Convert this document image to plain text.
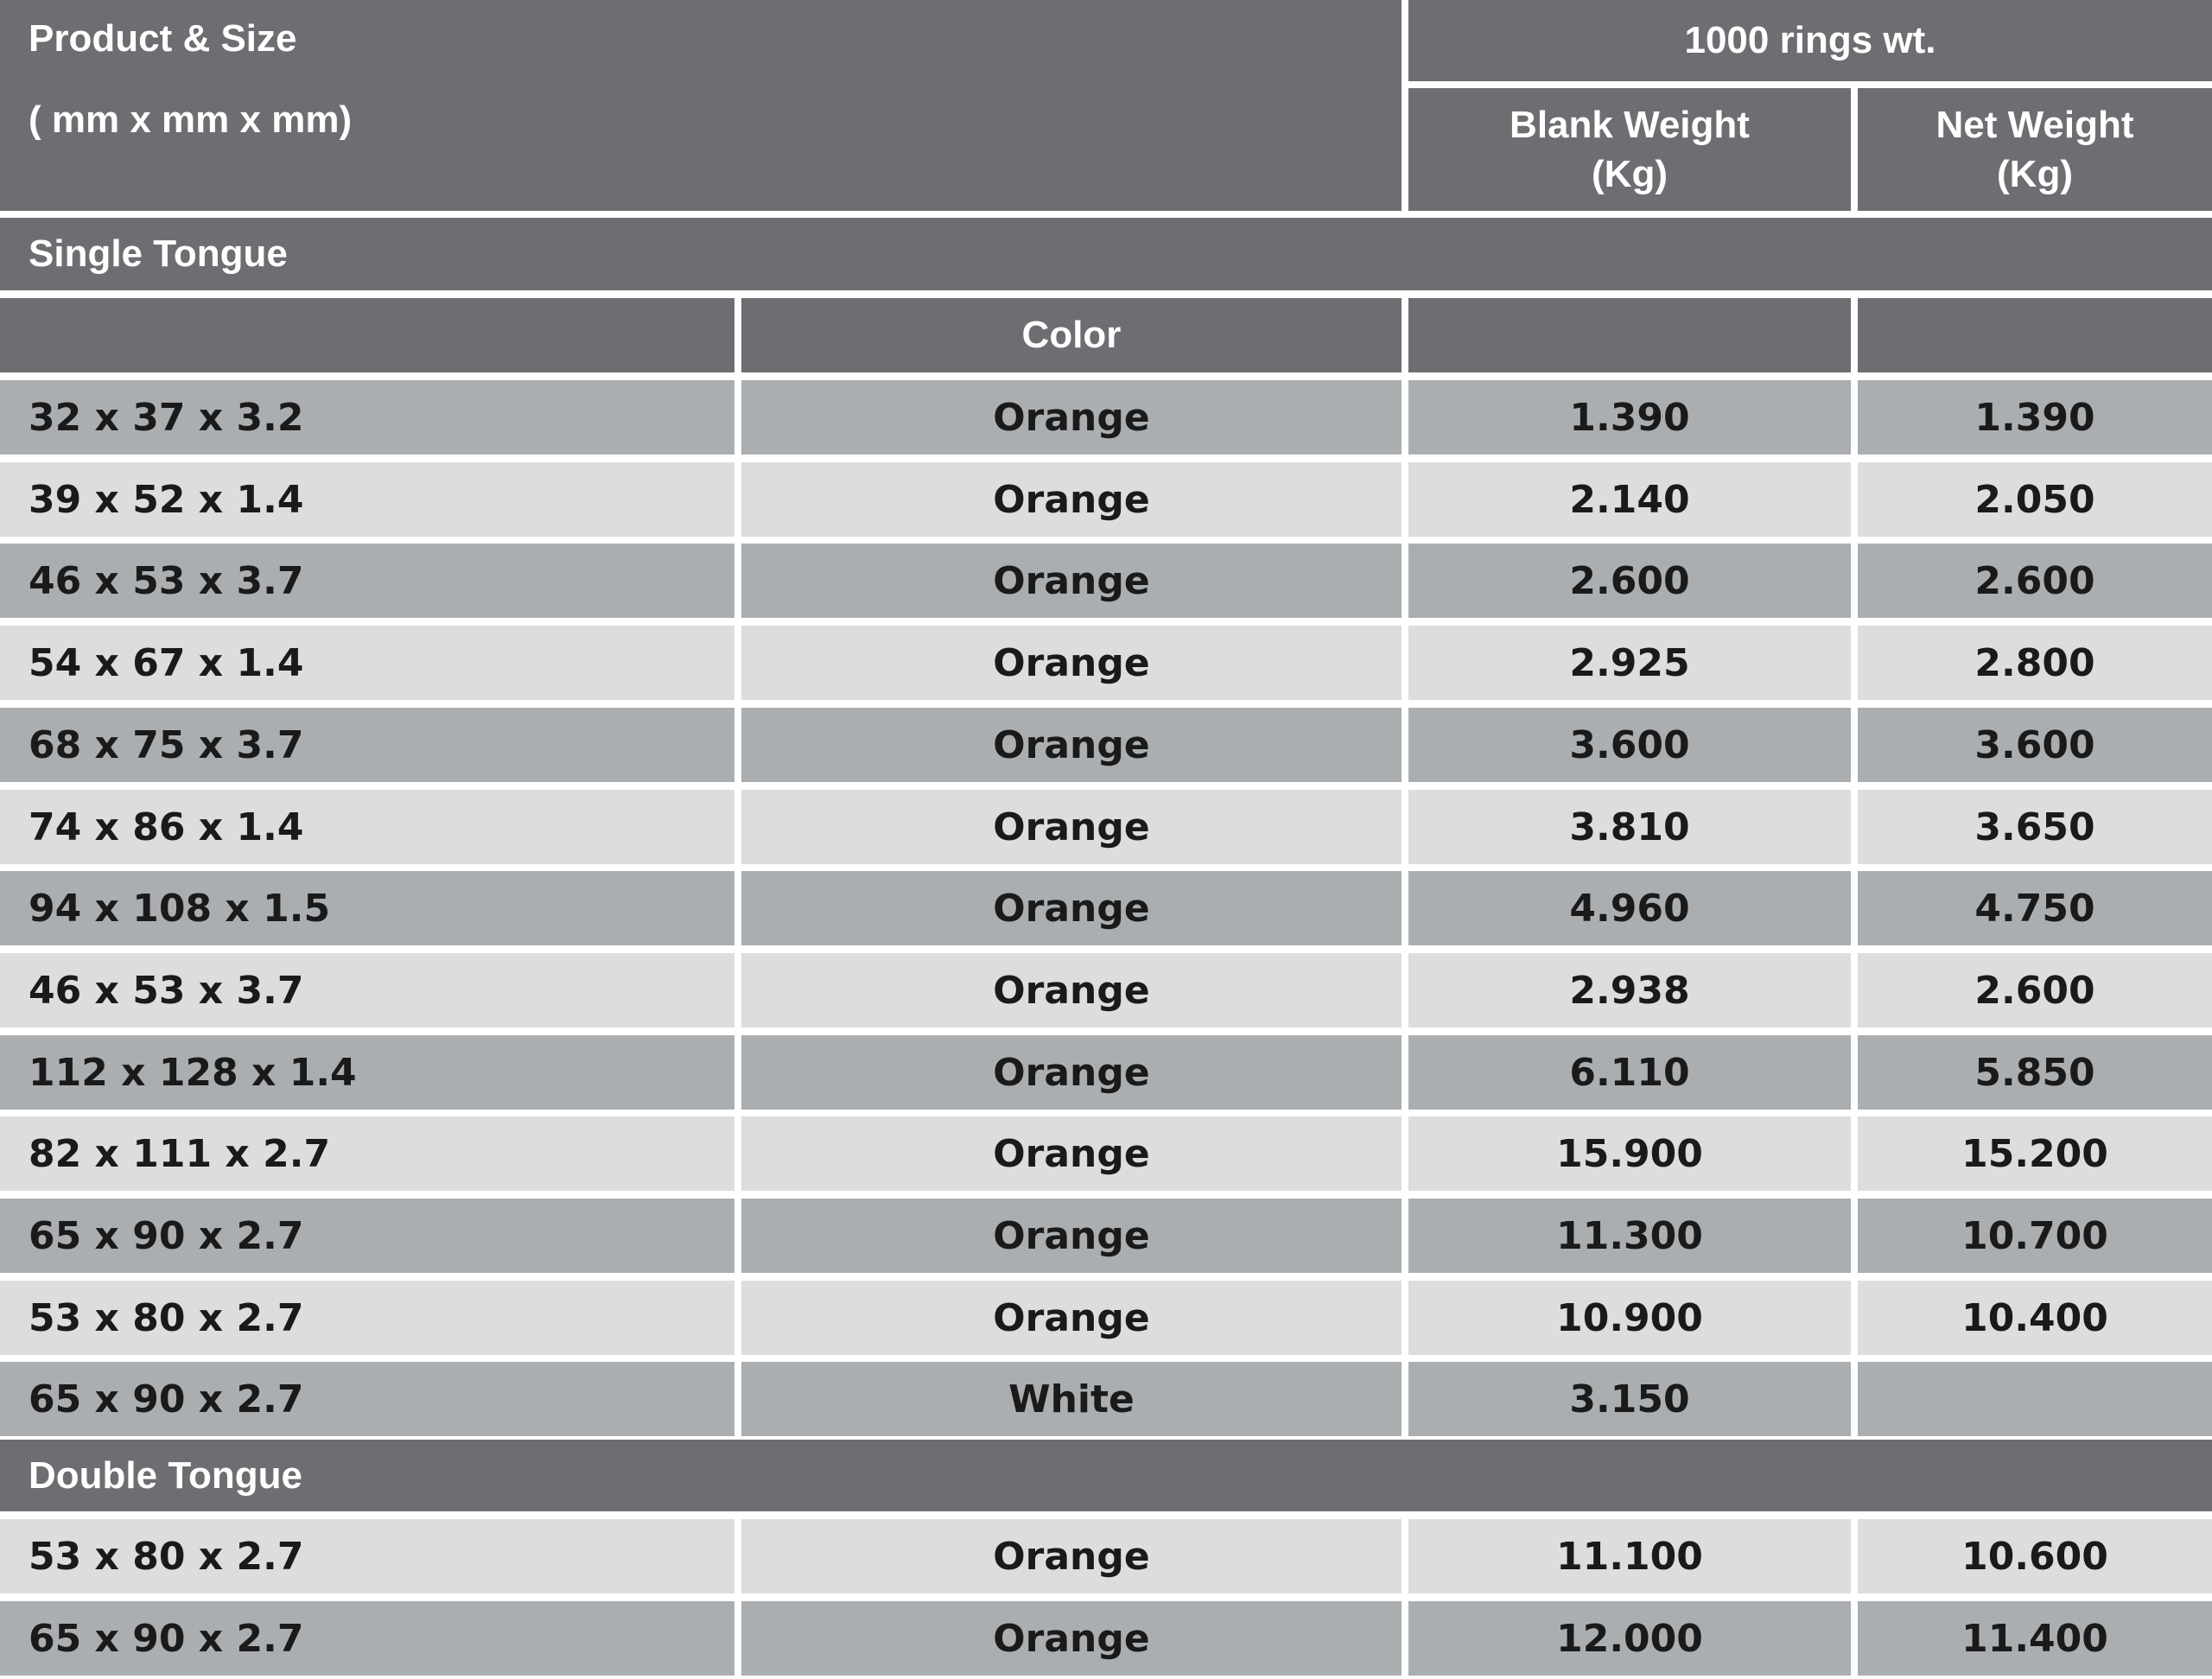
Product & Size
( mm x mm x mm)
1000 rings wt.
Blank Weight
(Kg)
Net Weight
(Kg)
Single Tongue
Color
32 x 37 x 3.2	Orange	1.390	1.390
39 x 52 x 1.4	Orange	2.140	2.050
46 x 53 x 3.7	Orange	2.600	2.600
54 x 67 x 1.4	Orange	2.925	2.800
68 x 75 x 3.7	Orange	3.600	3.600
74 x 86 x 1.4	Orange	3.810	3.650
94 x 108 x 1.5	Orange	4.960	4.750
46 x 53 x 3.7	Orange	2.938	2.600
112 x 128 x 1.4	Orange	6.110	5.850
82 x 111 x 2.7	Orange	15.900	15.200
65 x 90 x 2.7	Orange	11.300	10.700
53 x 80 x 2.7	Orange	10.900	10.400
65 x 90 x 2.7	White	3.150
Double Tongue
53 x 80 x 2.7	Orange	11.100	10.600
65 x 90 x 2.7	Orange	12.000	11.400
